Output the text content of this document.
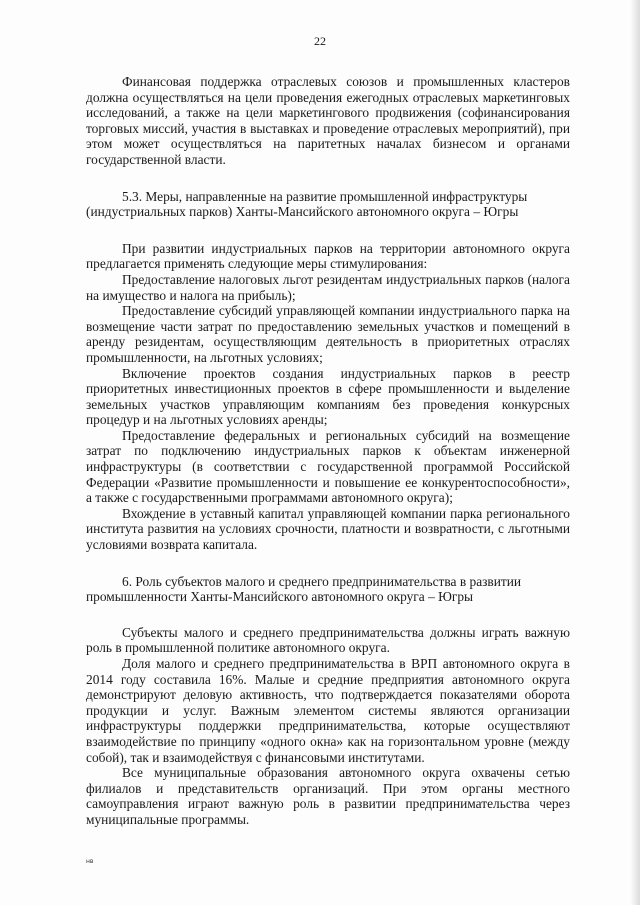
22

Финансовая поддержка отраслевых союзов и промышленных кластеров должна осуществляться на цели проведения ежегодных отраслевых маркетинговых исследований, а также на цели маркетингового продвижения (софинансирования торговых миссий, участия в выставках и проведение отраслевых мероприятий), при этом может осуществляться на паритетных началах бизнесом и органами государственной власти.

5.3. Меры, направленные на развитие промышленной инфраструктуры (индустриальных парков) Ханты-Мансийского автономного округа – Югры

При развитии индустриальных парков на территории автономного округа предлагается применять следующие меры стимулирования:

Предоставление налоговых льгот резидентам индустриальных парков (налога на имущество и налога на прибыль);

Предоставление субсидий управляющей компании индустриального парка на возмещение части затрат по предоставлению земельных участков и помещений в аренду резидентам, осуществляющим деятельность в приоритетных отраслях промышленности, на льготных условиях;

Включение проектов создания индустриальных парков в реестр приоритетных инвестиционных проектов в сфере промышленности и выделение земельных участков управляющим компаниям без проведения конкурсных процедур и на льготных условиях аренды;

Предоставление федеральных и региональных субсидий на возмещение затрат по подключению индустриальных парков к объектам инженерной инфраструктуры (в соответствии с государственной программой Российской Федерации «Развитие промышленности и повышение ее конкурентоспособности», а также с государственными программами автономного округа);

Вхождение в уставный капитал управляющей компании парка регионального института развития на условиях срочности, платности и возвратности, с льготными условиями возврата капитала.

6. Роль субъектов малого и среднего предпринимательства в развитии промышленности Ханты-Мансийского автономного округа – Югры

Субъекты малого и среднего предпринимательства должны играть важную роль в промышленной политике автономного округа.

Доля малого и среднего предпринимательства в ВРП автономного округа в 2014 году составила 16%. Малые и средние предприятия автономного округа демонстрируют деловую активность, что подтверждается показателями оборота продукции и услуг. Важным элементом системы являются организации инфраструктуры поддержки предпринимательства, которые осуществляют взаимодействие по принципу «одного окна» как на горизонтальном уровне (между собой), так и взаимодействуя с финансовыми институтами.

Все муниципальные образования автономного округа охвачены сетью филиалов и представительств организаций. При этом органы местного самоуправления играют важную роль в развитии предпринимательства через муниципальные программы.

нв
